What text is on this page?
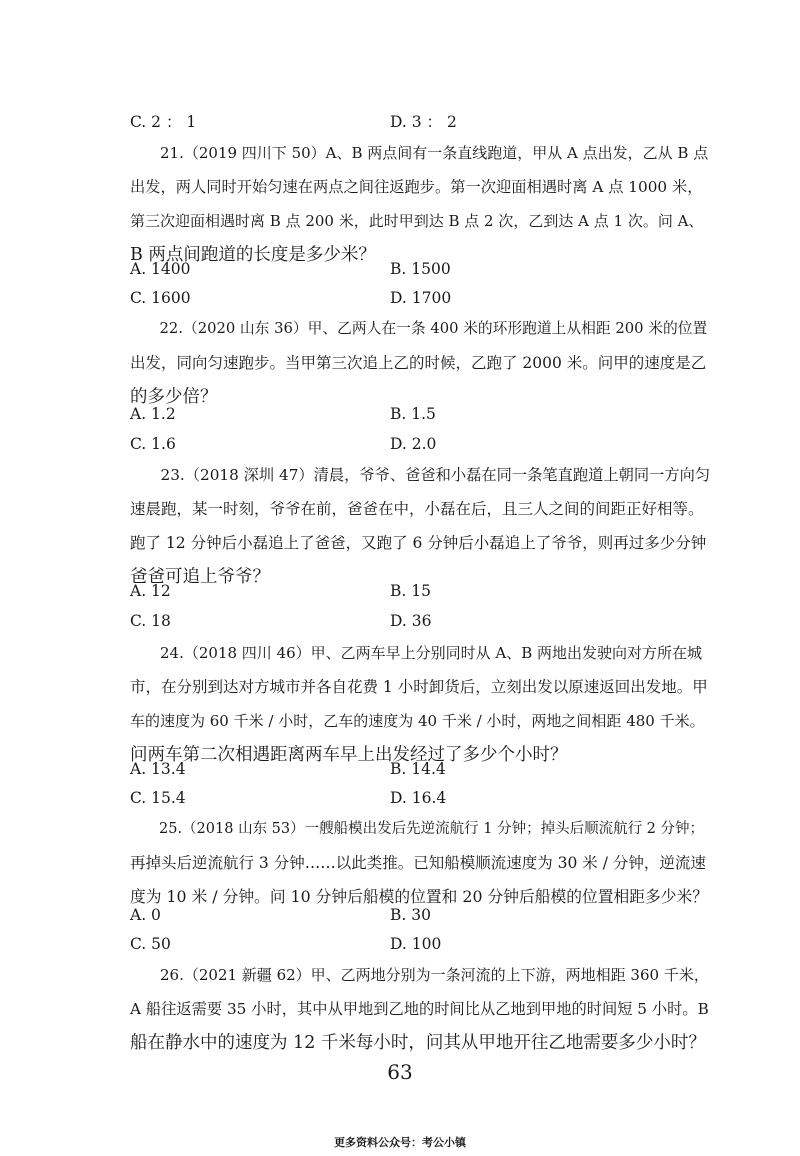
C. 2 ： 1	D. 3 ： 2
21.（2019 四川下 50）A、B 两点间有一条直线跑道，甲从 A 点出发，乙从 B 点
出发，两人同时开始匀速在两点之间往返跑步。第一次迎面相遇时离 A 点 1000 米，
第三次迎面相遇时离 B 点 200 米，此时甲到达 B 点 2 次，乙到达 A 点 1 次。问 A、
B 两点间跑道的长度是多少米？
A. 1400	B. 1500
C. 1600	D. 1700
22.（2020 山东 36）甲、乙两人在一条 400 米的环形跑道上从相距 200 米的位置
出发，同向匀速跑步。当甲第三次追上乙的时候，乙跑了 2000 米。问甲的速度是乙
的多少倍？
A. 1.2	B. 1.5
C. 1.6	D. 2.0
23.（2018 深圳 47）清晨，爷爷、爸爸和小磊在同一条笔直跑道上朝同一方向匀
速晨跑，某一时刻，爷爷在前，爸爸在中，小磊在后，且三人之间的间距正好相等。
跑了 12 分钟后小磊追上了爸爸，又跑了 6 分钟后小磊追上了爷爷，则再过多少分钟
爸爸可追上爷爷？
A. 12	B. 15
C. 18	D. 36
24.（2018 四川 46）甲、乙两车早上分别同时从 A、B 两地出发驶向对方所在城
市，在分别到达对方城市并各自花费 1 小时卸货后，立刻出发以原速返回出发地。甲
车的速度为 60 千米 / 小时，乙车的速度为 40 千米 / 小时，两地之间相距 480 千米。
问两车第二次相遇距离两车早上出发经过了多少个小时？
A. 13.4	B. 14.4
C. 15.4	D. 16.4
25.（2018 山东 53）一艘船模出发后先逆流航行 1 分钟；掉头后顺流航行 2 分钟；
再掉头后逆流航行 3 分钟……以此类推。已知船模顺流速度为 30 米 / 分钟，逆流速
度为 10 米 / 分钟。问 10 分钟后船模的位置和 20 分钟后船模的位置相距多少米？
A. 0	B. 30
C. 50	D. 100
26.（2021 新疆 62）甲、乙两地分别为一条河流的上下游，两地相距 360 千米，
A 船往返需要 35 小时，其中从甲地到乙地的时间比从乙地到甲地的时间短 5 小时。B
船在静水中的速度为 12 千米每小时，问其从甲地开往乙地需要多少小时？
63
更多资料公众号：考公小镇
